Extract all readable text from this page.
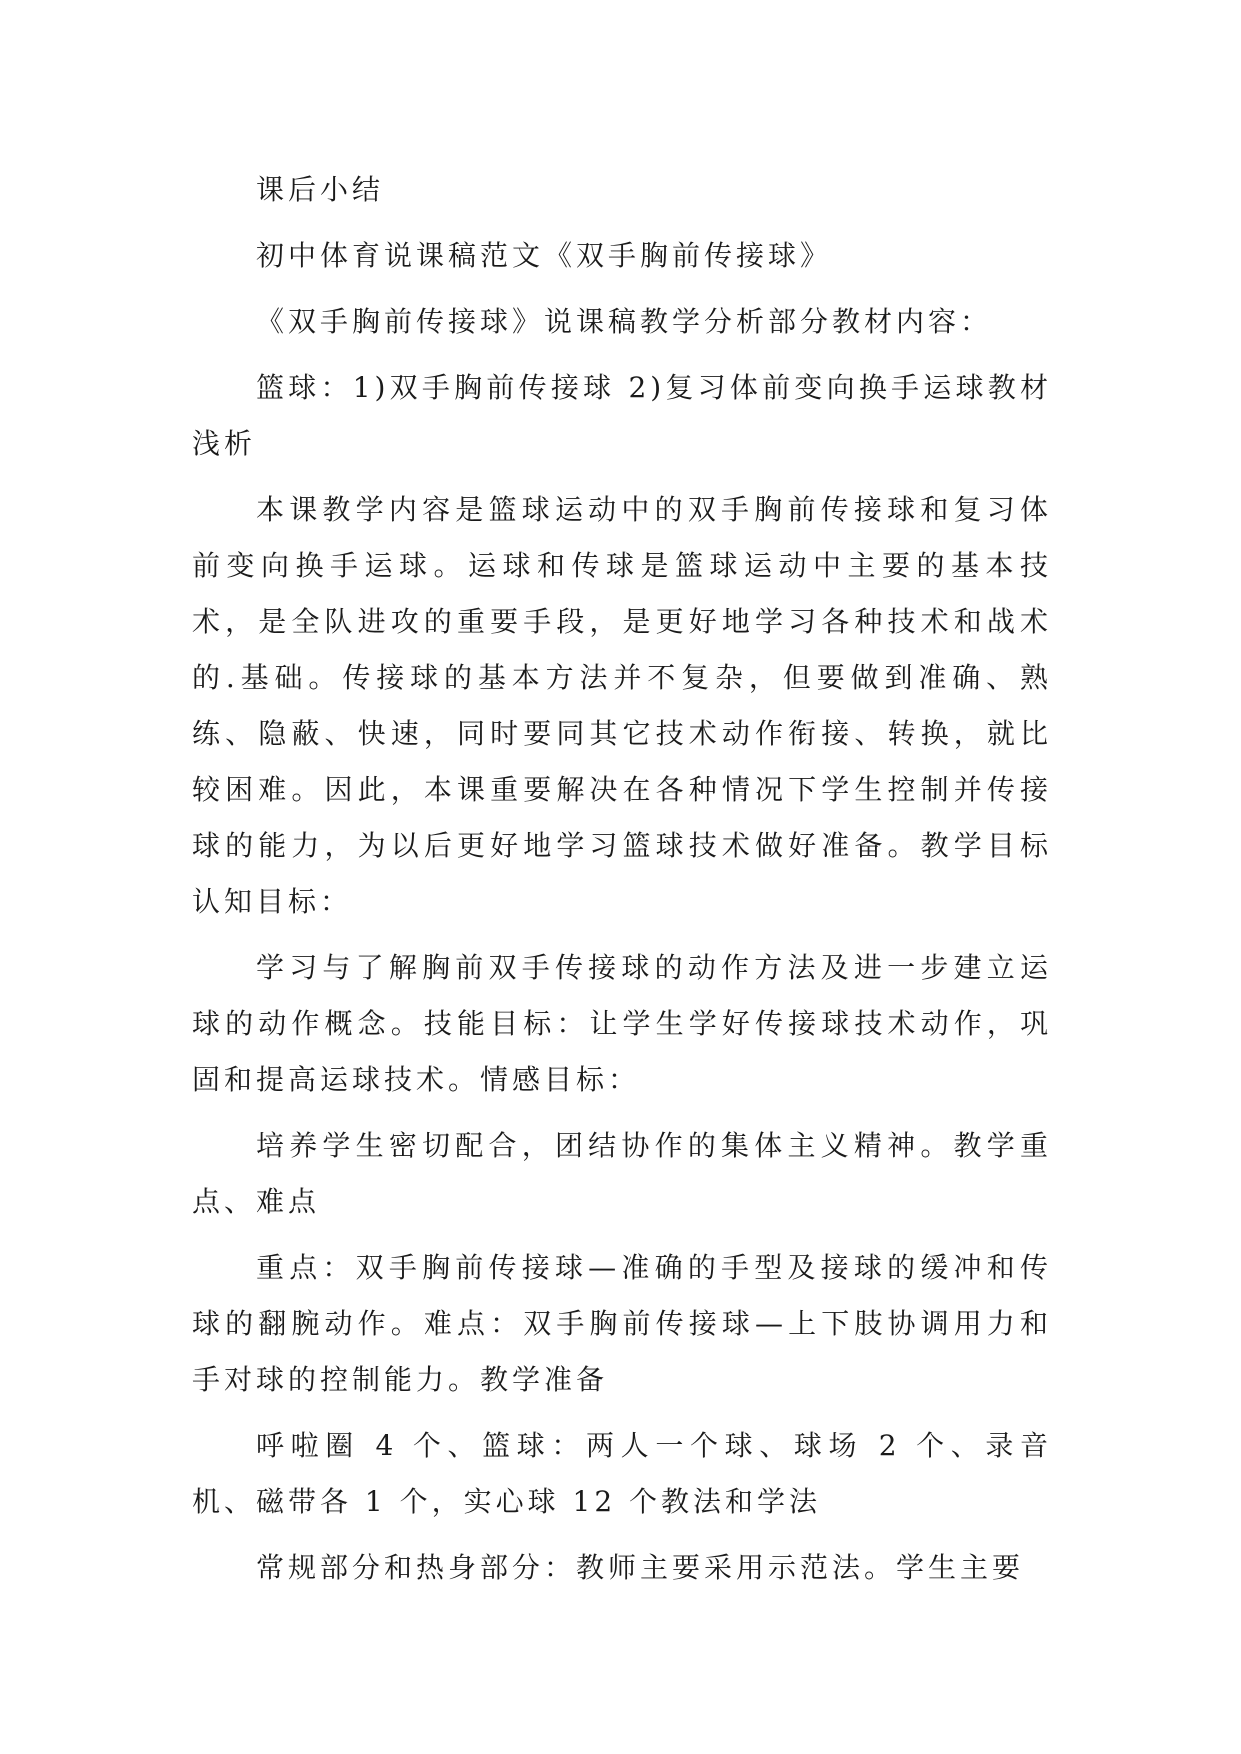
课后小结

初中体育说课稿范文《双手胸前传接球》

《双手胸前传接球》说课稿教学分析部分教材内容：

篮球：1)双手胸前传接球 2)复习体前变向换手运球教材浅析

本课教学内容是篮球运动中的双手胸前传接球和复习体前变向换手运球。运球和传球是篮球运动中主要的基本技术，是全队进攻的重要手段，是更好地学习各种技术和战术的.基础。传接球的基本方法并不复杂，但要做到准确、熟练、隐蔽、快速，同时要同其它技术动作衔接、转换，就比较困难。因此，本课重要解决在各种情况下学生控制并传接球的能力，为以后更好地学习篮球技术做好准备。教学目标认知目标：

学习与了解胸前双手传接球的动作方法及进一步建立运球的动作概念。技能目标：让学生学好传接球技术动作，巩固和提高运球技术。情感目标：

培养学生密切配合，团结协作的集体主义精神。教学重点、难点

重点：双手胸前传接球—准确的手型及接球的缓冲和传球的翻腕动作。难点：双手胸前传接球—上下肢协调用力和手对球的控制能力。教学准备

呼啦圈 4 个、篮球：两人一个球、球场 2 个、录音机、磁带各 1 个，实心球 12 个教法和学法

常规部分和热身部分：教师主要采用示范法。学生主要
